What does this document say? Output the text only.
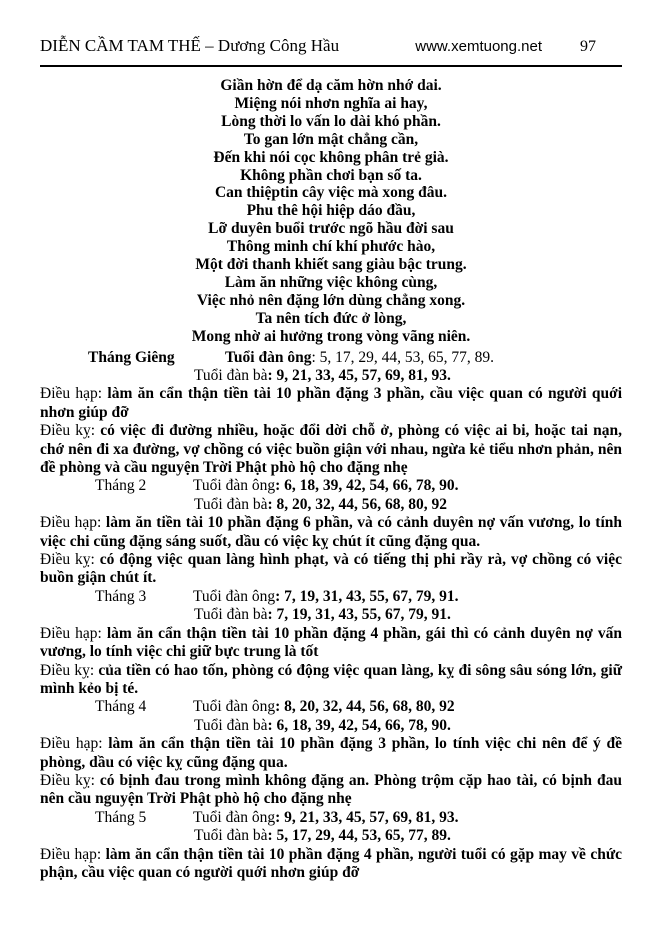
DIỄN CẦM TAM THẾ – Dương Công Hầu	www.xemtuong.net 97
Giần hờn để dạ căm hờn nhớ dai.
Miệng nói nhơn nghĩa ai hay,
Lòng thời lo vấn lo dài khó phần.
To gan lớn mật chẳng cần,
Đến khi nói cọc không phân trẻ già.
Không phần chơi bạn số ta.
Can thiệptin cây việc mà xong đâu.
Phu thê hội hiệp dáo đầu,
Lỡ duyên buổi trước ngõ hầu đời sau
Thông minh chí khí phước hào,
Một đời thanh khiết sang giàu bậc trung.
Làm ăn những việc không cùng,
Việc nhỏ nên đặng lớn dùng chẳng xong.
Ta nên tích đức ở lòng,
Mong nhờ ai hưởng trong vòng vãng niên.
Tháng Giêng	Tuổi đàn ông: 5, 17, 29, 44, 53, 65, 77, 89.
Tuổi đàn bà: 9, 21, 33, 45, 57, 69, 81, 93.

Điều hạp: làm ăn cẩn thận tiền tài 10 phần đặng 3 phần, cầu việc quan có người quới nhơn giúp đỡ

Điều kỵ: có việc đi đường nhiều, hoặc đổi dời chỗ ở, phòng có việc ai bi, hoặc tai nạn, chớ nên đi xa đường, vợ chồng có việc buồn giận với nhau, ngừa kẻ tiểu nhơn phản, nên đề phòng và cầu nguyện Trời Phật phò hộ cho đặng nhẹ

Tháng 2	Tuổi đàn ông: 6, 18, 39, 42, 54, 66, 78, 90.
Tuổi đàn bà: 8, 20, 32, 44, 56, 68, 80, 92

Điều hạp: làm ăn tiền tài 10 phần đặng 6 phần, và có cảnh duyên nợ vấn vương, lo tính việc chi cũng đặng sáng suốt, dầu có việc kỵ chút ít cũng đặng qua.

Điều kỵ: có động việc quan làng hình phạt, và có tiếng thị phi rầy rà, vợ chồng có việc buồn giận chút ít.

Tháng 3	Tuổi đàn ông: 7, 19, 31, 43, 55, 67, 79, 91.
Tuổi đàn bà: 7, 19, 31, 43, 55, 67, 79, 91.

Điều hạp: làm ăn cẩn thận tiền tài 10 phần đặng 4 phần, gái thì có cảnh duyên nợ vấn vương, lo tính việc chi giữ bực trung là tốt

Điều kỵ: của tiền có hao tốn, phòng có động việc quan làng, kỵ đi sông sâu sóng lớn, giữ mình kẻo bị té.

Tháng 4	Tuổi đàn ông: 8, 20, 32, 44, 56, 68, 80, 92
Tuổi đàn bà: 6, 18, 39, 42, 54, 66, 78, 90.

Điều hạp: làm ăn cẩn thận tiền tài 10 phần đặng 3 phần, lo tính việc chi nên để ý đề phòng, dầu có việc kỵ cũng đặng qua.

Điều kỵ: có bịnh đau trong mình không đặng an. Phòng trộm cặp hao tài, có bịnh đau nên cầu nguyện Trời Phật phò hộ cho đặng nhẹ

Tháng 5	Tuổi đàn ông: 9, 21, 33, 45, 57, 69, 81, 93.
Tuổi đàn bà: 5, 17, 29, 44, 53, 65, 77, 89.

Điều hạp: làm ăn cẩn thận tiền tài 10 phần đặng 4 phần, người tuổi có gặp may về chức phận, cầu việc quan có người quới nhơn giúp đỡ
